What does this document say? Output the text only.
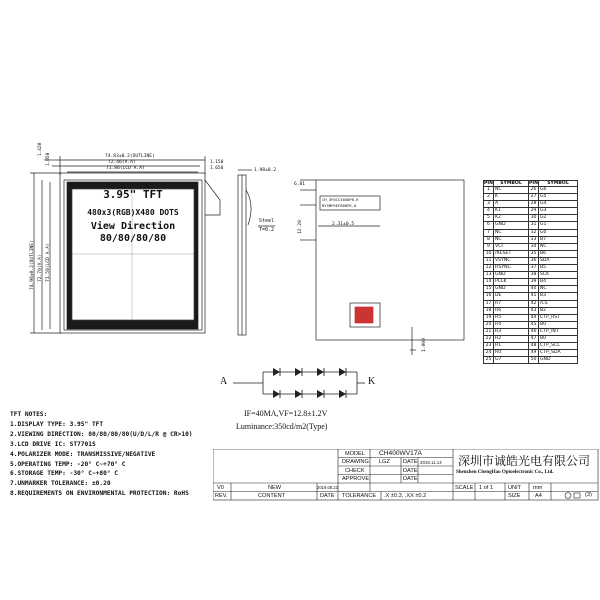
3.95" TFT
480x3(RGB)X480 DOTS
View Direction
80/80/80/80
74.83±0.2(OUTLINE)
72.46(V.A)
71.86(LCD A.A)
1.150
1.650
1.420
1.050
74.98±0.2(OUTLINE) 72.70(V.A) 71.58(LCD A.A)
1.98±0.2
Steel
T=0.2
CH_3F0CC40SBP6-R
BYSMFREF000FK-0
6.81
2.31±0.5
12.20
1.000
PIN	SYMBOL	PIN	SYMBOL
1	NC	26	G6
2	K	27	G5
3	A	28	G4
4	K1	29	G3
5	K2	30	G2
6	GND	31	G1
7	NC	32	G0
8	NC	33	B7
9	VCI	34	NC
10	/RESET	35	B6
11	VSYNC	36	SDA
12	HSYNC	37	B5
13	GND	38	SCK
14	PCLK	39	B4
15	GND	40	NC
16	DE	41	B3
17	R7	42	/CS
18	R6	43	B2
19	R5	44	CTP_RST
20	R4	45	B0
21	R3	46	CTP_INT
22	R2	47	B0
23	R1	48	CTP_SCL
24	R0	49	CTP_SDA
25	G7	50	GND
A	K
IF=40MA,VF=12.8±1.2V
Luminance:350cd/m2(Type)
TFT NOTES:
1.DISPLAY TYPE: 3.95" TFT
2.VIEWING DIRECTION: 80/80/80/80(U/D/L/R @ CR>10)
3.LCD DRIVE IC: ST7701S
4.POLARIZER MODE: TRANSMISSIVE/NEGATIVE
5.OPERATING TEMP: -20° C~+70° C
6.STORAGE TEMP: -30° C~+80° C
7.UNMARKER TOLERANCE: ±0.20
8.REQUIREMENTS ON ENVIRONMENTAL PROTECTION: RoHS
V0	NEW	2019.08.23
REV.	CONTENT	DATE
MODEL CH400WV17A
DRAWING LGZ DATE 2019.11.14
CHECK	DATE
APPROVE	DATE
TOLERANCE .X ±0.3, .XX ±0.2
深圳市诚皓光电有限公司
Shenzhen ChengHao Optoelectronic Co., Ltd.
SCALE 1 of 1	UNIT mm
SIZE	A4	(3)
